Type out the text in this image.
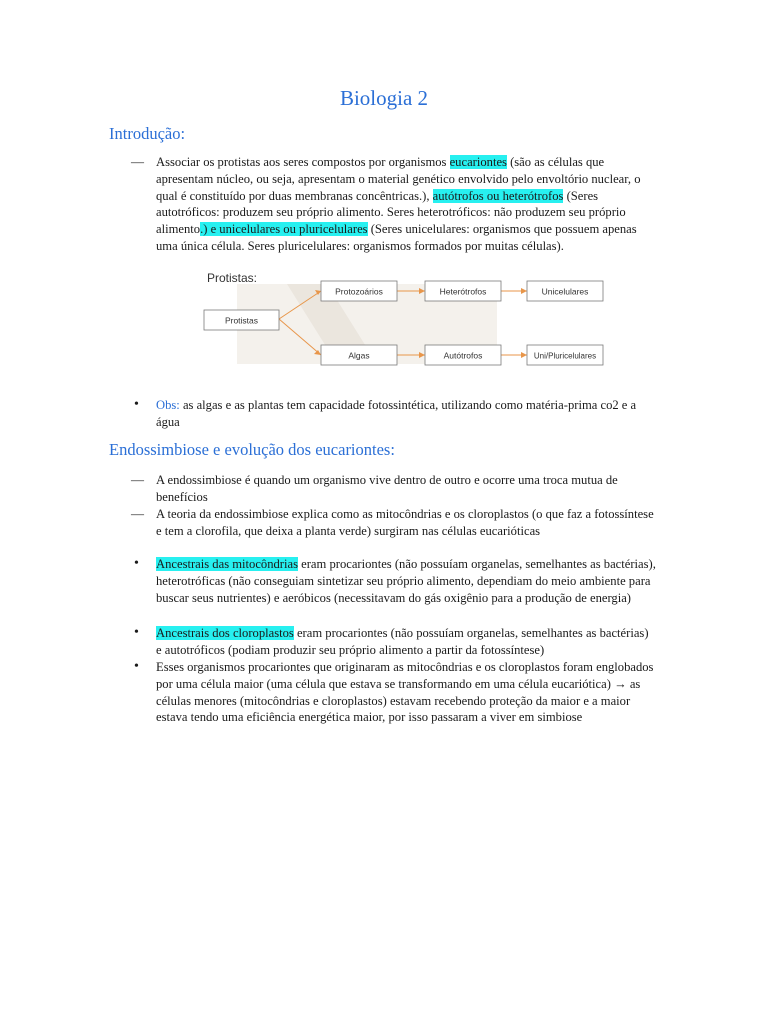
Biologia 2
Introdução:
— Associar os protistas aos seres compostos por organismos eucariontes (são as células que apresentam núcleo, ou seja, apresentam o material genético envolvido pelo envoltório nuclear, o qual é constituído por duas membranas concêntricas.), autótrofos ou heterótrofos (Seres autotróficos: produzem seu próprio alimento. Seres heterotróficos: não produzem seu próprio alimento.) e unicelulares ou pluricelulares (Seres unicelulares: organismos que possuem apenas uma única célula. Seres pluricelulares: organismos formados por muitas células).
Protistas:
Protistas
Protozoários	Heterótrofos	Unicelulares
Algas	Autótrofos	Uni/Pluricelulares
•	Obs: as algas e as plantas tem capacidade fotossintética, utilizando como matéria-prima co2 e a água
Endossimbiose e evolução dos eucariontes:
— A endossimbiose é quando um organismo vive dentro de outro e ocorre uma troca mutua de benefícios
— A teoria da endossimbiose explica como as mitocôndrias e os cloroplastos (o que faz a fotossíntese e tem a clorofila, que deixa a planta verde) surgiram nas células eucarióticas
•	Ancestrais das mitocôndrias eram procariontes (não possuíam organelas, semelhantes as bactérias), heterotróficas (não conseguiam sintetizar seu próprio alimento, dependiam do meio ambiente para buscar seus nutrientes) e aeróbicos (necessitavam do gás oxigênio para a produção de energia)
•	Ancestrais dos cloroplastos eram procariontes (não possuíam organelas, semelhantes as bactérias) e autotróficos (podiam produzir seu próprio alimento a partir da fotossíntese)
•	Esses organismos procariontes que originaram as mitocôndrias e os cloroplastos foram englobados por uma célula maior (uma célula que estava se transformando em uma célula eucariótica) → as células menores (mitocôndrias e cloroplastos) estavam recebendo proteção da maior e a maior estava tendo uma eficiência energética maior, por isso passaram a viver em simbiose
